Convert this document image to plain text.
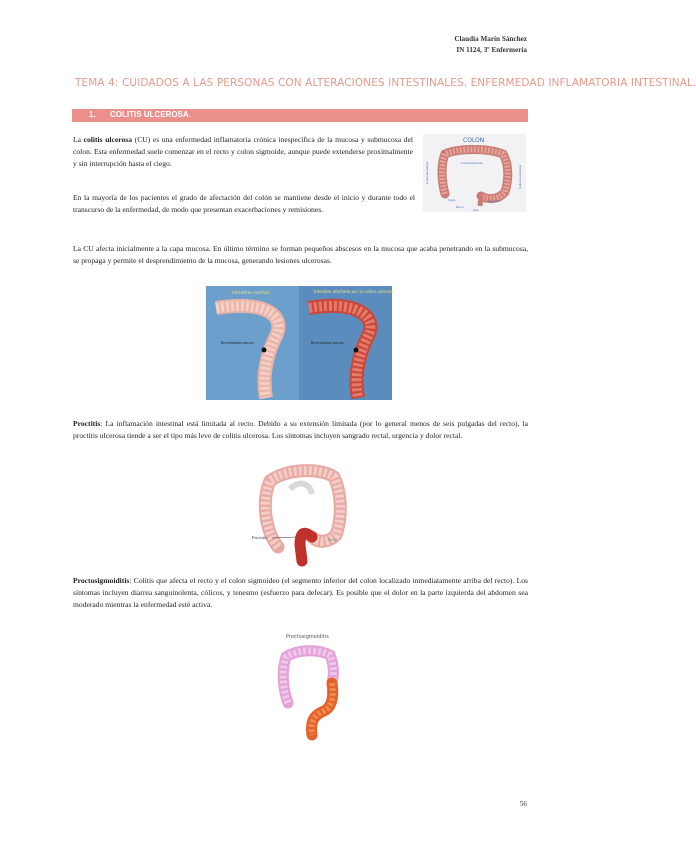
Claudia Marín Sánchez
IN 1124, 3º Enfermería
TEMA 4: CUIDADOS A LAS PERSONAS CON ALTERACIONES INTESTINALES. ENFERMEDAD INFLAMATORIA INTESTINAL.
1. COLITIS ULCEROSA.

La colitis ulcerosa (CU) es una enfermedad inflamatoria crónica inespecífica de la mucosa y submucosa del colon. Esta enfermedad suele comenzar en el recto y colon sigmoide, aunque puede extenderse proximalmente y sin interrupción hasta el ciego.

COLON
Colon ascendente	Colon transverso
Colon descendente
Ciego
Recto
Sigmoides
Ano

En la mayoría de los pacientes el grado de afectación del colón se mantiene desde el inicio y durante todo el transcurso de la enfermedad, de modo que presentan exacerbaciones y remisiones.

La CU afecta inicialmente a la capa mucosa. En último término se forman pequeños abscesos en la mucosa que acaba penetrando en la submucosa, se propaga y permite el desprendimiento de la mucosa, generando lesiones ulcerosas.

Intestino normal	Intestino afectado por la colitis ulcerosa
Revestimiento mucoso	Revestimiento mucoso

Proctitis: La inflamación intestinal está limitada al recto. Debido a su extensión limitada (por lo general menos de seis pulgadas del recto), la proctitis ulcerosa tiende a ser el tipo más leve de colitis ulcerosa. Los síntomas incluyen sangrado rectal, urgencia y dolor rectal.

Proctitis	Recto

Proctosigmoiditis: Colitis que afecta el recto y el colon sigmoideo (el segmento inferior del colon localizado inmediatamente arriba del recto). Los síntomas incluyen diarrea sanguinolenta, cólicos, y tenesmo (esfuerzo para defecar). Es posible que el dolor en la parte izquierda del abdomen sea moderado mientras la enfermedad esté activa.

Proctosigmoiditis
56
